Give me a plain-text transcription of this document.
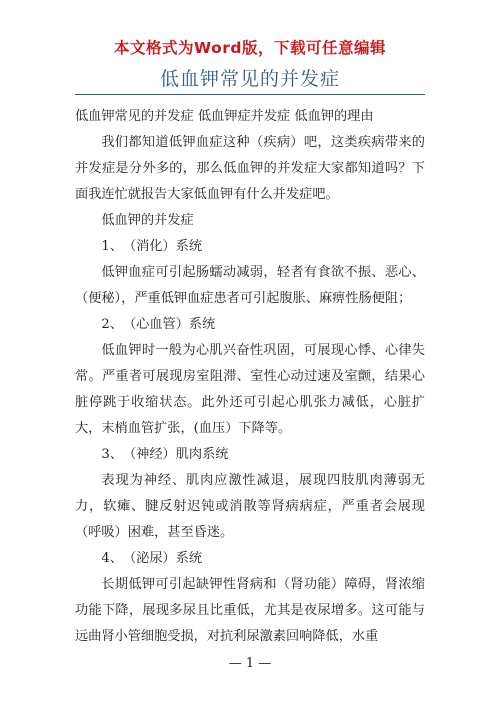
本文格式为Word版，下载可任意编辑
低血钾常见的并发症

低血钾常见的并发症 低血钾症并发症 低血钾的理由

我们都知道低钾血症这种（疾病）吧，这类疾病带来的并发症是分外多的，那么低血钾的并发症大家都知道吗？下面我连忙就报告大家低血钾有什么并发症吧。

低血钾的并发症

1、　（消化）系统

低钾血症可引起肠蠕动减弱，轻者有食欲不振、恶心、（便秘），严重低钾血症患者可引起腹胀、麻痹性肠便阻；

2、　（心血管）系统

低血钾时一般为心肌兴奋性巩固，可展现心悸、心律失常。严重者可展现房室阻滞、室性心动过速及室颤，结果心脏停跳于收缩状态。此外还可引起心肌张力减低，心脏扩大，末梢血管扩张，(血压）下降等。

3、　（神经）肌肉系统

表现为神经、肌肉应激性减退，展现四肢肌肉薄弱无力，软瘫、腱反射迟钝或消散等肾病病症，严重者会展现（呼吸）困难，甚至昏迷。

4、　（泌尿）系统

长期低钾可引起缺钾性肾病和（肾功能）障碍，肾浓缩功能下降，展现多尿且比重低，尤其是夜尿增多。这可能与远曲肾小管细胞受损，对抗利尿激素回响降低，水重

— 1 —
